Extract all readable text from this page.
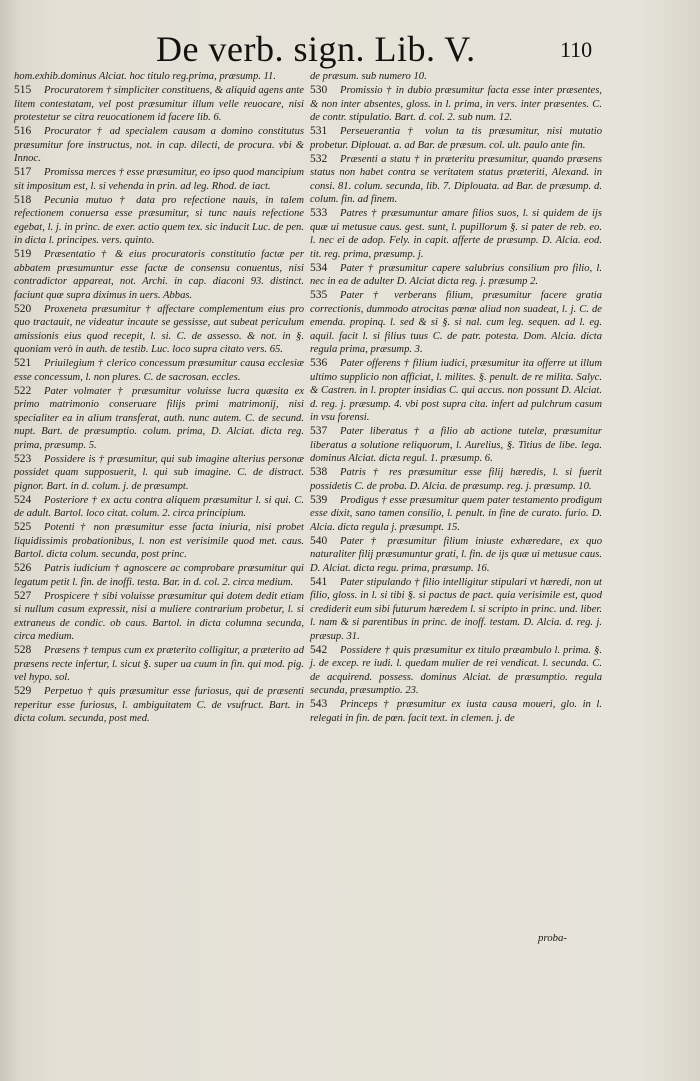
De verb. sign. Lib. V.	110
hom.exhib.dominus Alciat. hoc titulo reg.prima, præsump. 11.
515	Procuratorem † simpliciter constituens, & aliquid agens ante litem contestatam, vel post præsumitur illum velle reuocare, nisi protestetur se citra reuocationem id facere lib. 6.
516	Procurator † ad specialem causam a domino constitutus præsumitur fore instructus, not. in cap. dilecti, de procura. vbi & Innoc.
517	Promissa merces † esse præsumitur, eo ipso quod mancipium sit impositum est, l. si vehenda in prin. ad leg. Rhod. de iact.
518	Pecunia mutuo † data pro refectione nauis, in talem refectionem conuersa esse præsumitur, si tunc nauis refectione egebat, l. j. in princ. de exer. actio quem tex. sic inducit Luc. de pen. in dicta l. principes. vers. quinto.
519	Præsentatio † & eius procuratoris constitutio factæ per abbatem præsumuntur esse factæ de consensu conuentus, nisi contradictor appareat, not. Archi. in cap. diaconi 93. distinct. faciunt quæ supra diximus in uers. Abbas.
520	Proxeneta præsumitur † affectare complementum eius pro quo tractauit, ne videatur incaute se gessisse, aut subeat periculum amissionis eius quod recepit, l. si. C. de assesso. & not. in §. quoniam verò in auth. de testib. Luc. loco supra citato vers. 65.
521	Priuilegium † clerico concessum præsumitur causa ecclesiæ esse concessum, l. non plures. C. de sacrosan. eccles.
522	Pater volmater † præsumitur voluisse lucra quæsita ex primo matrimonio conseruare filijs primi matrimonij, nisi specialiter ea in alium transferat, auth. nunc autem. C. de secund. nupt. Bart. de præsumptio. colum. prima, D. Alciat. dicta reg. prima, præsump. 5.
523	Possidere is † præsumitur, qui sub imagine alterius personæ possidet quam supposuerit, l. qui sub imagine. C. de distract. pignor. Bart. in d. colum. j. de præsumpt.
524	Posteriore † ex actu contra aliquem præsumitur l. si qui. C. de adult. Bartol. loco citat. colum. 2. circa principium.
525	Potenti † non præsumitur esse facta iniuria, nisi probet liquidissimis probationibus, l. non est verisimile quod met. caus. Bartol. dicta colum. secunda, post princ.
526	Patris iudicium † agnoscere ac comprobare præsumitur qui legatum petit l. fin. de inoffi. testa. Bar. in d. col. 2. circa medium.
527	Prospicere † sibi voluisse præsumitur qui dotem dedit etiam si nullum casum expressit, nisi a muliere contrarium probetur, l. si extraneus de condic. ob caus. Bartol. in dicta columna secunda, circa medium.
528	Præsens † tempus cum ex præterito colligitur, a præterito ad præsens recte infertur, l. sicut §. super ua cuum in fin. qui mod. pig. vel hypo. sol.
529	Perpetuo † quis præsumitur esse furiosus, qui de præsenti reperitur esse furiosus, l. ambiguitatem C. de vsufruct. Bart. in dicta colum. secunda, post med.
de præsum. sub numero 10.
530	Promissio † in dubio præsumitur facta esse inter præsentes, & non inter absentes, gloss. in l. prima, in vers. inter præsentes. C. de contr. stipulatio. Bart. d. col. 2. sub num. 12.
531	Perseuerantia † volun ta tis præsumitur, nisi mutatio probetur. Diplouat. a. ad Bar. de præsum. col. ult. paulo ante fin.
532	Præsenti a statu † in præteritu præsumitur, quando præsens status non habet contra se veritatem status præteriti, Alexand. in consi. 81. colum. secunda, lib. 7. Diplouata. ad Bar. de præsump. d. colum. fin. ad finem.
533	Patres † præsumuntur amare filios suos, l. si quidem de ijs quæ ui metusue caus. gest. sunt, l. pupillorum §. si pater de reb. eo. l. nec ei de adop. Fely. in capit. afferte de præsump. D. Alcia. eod. tit. reg. prima, præsump. j.
534	Pater † præsumitur capere salubrius consilium pro filio, l. nec in ea de adulter D. Alciat dicta reg. j. præsump 2.
535	Pater † verberans filium, præsumitur facere gratia correctionis, dummodo atrocitas pœnæ aliud non suadeat, l. j. C. de emenda. propinq. l. sed & si §. si nal. cum leg. sequen. ad l. eg. aquil. facit l. si filius tuus C. de patr. potesta. Dom. Alcia. dicta regula prima, præsump. 3.
536	Pater offerens † filium iudici, præsumitur ita offerre ut illum ultimo supplicio non afficiat, l. milites. §. penult. de re milita. Salyc. & Castren. in l. propter insidias C. qui accus. non possunt D. Alciat. d. reg. j. præsump. 4. vbi post supra cita. infert ad pulchrum casum in vsu forensi.
537	Pater liberatus † a filio ab actione tutelæ, præsumitur liberatus a solutione reliquorum, l. Aurelius, §. Titius de libe. lega. dominus Alciat. dicta regul. 1. præsump. 6.
538	Patris † res præsumitur esse filij hæredis, l. si fuerit possidetis C. de proba. D. Alcia. de præsump. reg. j. præsump. 10.
539	Prodigus † esse præsumitur quem pater testamento prodigum esse dixit, sano tamen consilio, l. penult. in fine de curato. furio. D. Alcia. dicta regula j. præsumpt. 15.
540	Pater † præsumitur filium iniuste exhæredare, ex quo naturaliter filij præsumuntur grati, l. fin. de ijs quæ ui metusue caus. D. Alciat. dicta regu. prima, præsump. 16.
541	Pater stipulando † filio intelligitur stipulari vt hæredi, non ut filio, gloss. in l. si tibi §. si pactus de pact. quia verisimile est, quod crediderit eum sibi futurum hæredem l. si scripto in princ. und. liber. l. nam & si parentibus in princ. de inoff. testam. D. Alcia. d. reg. j. præsup. 31.
542	Possidere † quis præsumitur ex titulo præambulo l. prima. §. j. de excep. re iudi. l. quedam mulier de rei vendicat. l. secunda. C. de acquirend. possess. dominus Alciat. de præsumptio. regula secunda, præsumptio. 23.
543	Princeps † præsumitur ex iusta causa moueri, glo. in l. relegati in fin. de pœn. facit text. in clemen. j. de
proba-
